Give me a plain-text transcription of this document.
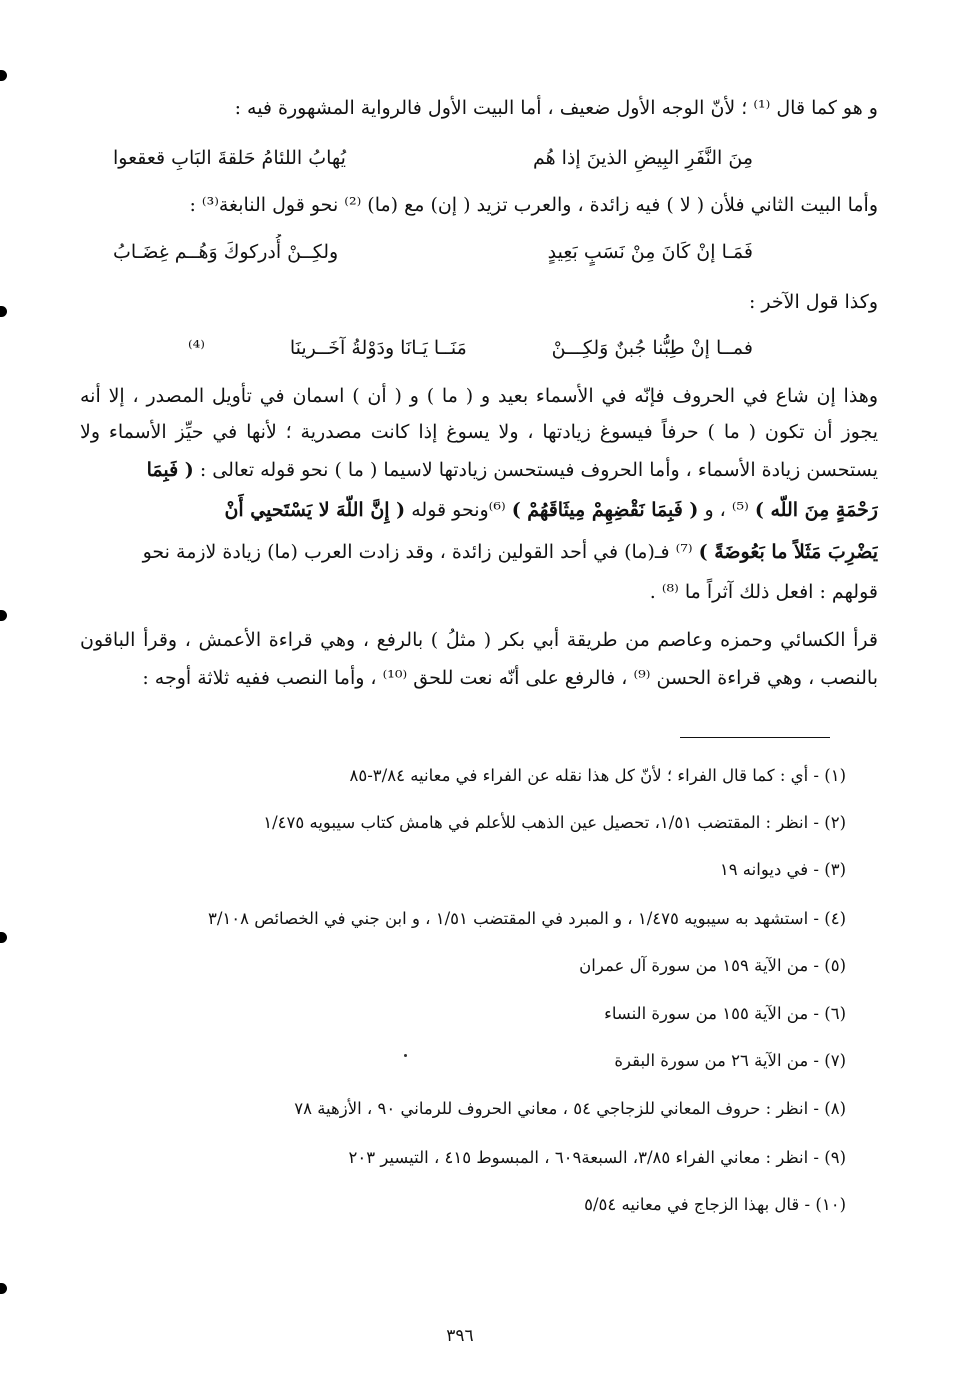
و هو كما قال ⁽¹⁾ ؛ لأنّ الوجه الأول ضعيف ، أما البيت الأول فالرواية المشهورة فيه :
مِنَ النَّفَرِ البِيضِ الذينَ إذا هُم
يُهابُ اللئامُ حَلقةَ البَابِ قعقعوا
وأما البيت الثاني فلأن ( لا ) فيه زائدة ، والعرب تزيد ( إن) مع (ما) ⁽²⁾ نحو قول النابغة⁽³⁾ :
فَمَـا إنْ كَانَ مِنْ نَسَبٍ بَعِيدٍ
ولكِــنْ أُدركوكَ وَهُــم غِضَـابُ
وكذا قول الآخر :
فمــا إنْ طِبُّنا جُبنٌ وَلكِـــنْ
مَنَــا يَـانَا ودَوْلةُ آخَــرينَا
⁽⁴⁾
وهذا إن شاع في الحروف فإنّه في الأسماء بعيد و ( ما ) و ( أن ) اسمان في تأويل المصدر ، إلا أنه
يجوز أن تكون ( ما ) حرفاً فيسوغ زيادتها ، ولا يسوغ إذا كانت مصدرية ؛ لأنها في حيِّز الأسماء ولا
يستحسن زيادة الأسماء ، وأما الحروف فيستحسن زيادتها لاسيما ( ما ) نحو قوله تعالى : ( فَبِمَا
رَحْمَةٍ مِنَ اللّه ) ⁽⁵⁾ ، و ( فَبِمَا نَقْضِهِمْ مِيثَاقَهُمْ ) ⁽⁶⁾ونحو قوله ( إِنَّ اللّهَ لا يَسْتَحيِي أَنْ
يَضْرِبَ مَثَلاً ما بَعُوضَةً ) ⁽⁷⁾ فـ(ما) في أحد القولين زائدة ، وقد زادت العرب (ما) زيادة لازمة نحو
قولهم : افعل ذلك آثراً ما ⁽⁸⁾ .
قرأ الكسائي وحمزه وعاصم من طريقة أبي بكر ( مثلُ ) بالرفع ، وهي قراءة الأعمش ، وقرأ الباقون
بالنصب ، وهي قراءة الحسن ⁽⁹⁾ ، فالرفع على أنّه نعت للحق ⁽¹⁰⁾ ، وأما النصب ففيه ثلاثة أوجه :
(١) - أي : كما قال الفراء ؛ لأنّ كل هذا نقله عن الفراء في معانيه ٣/٨٤-٨٥
(٢) - انظر : المقتضب ١/٥١، تحصيل عين الذهب للأعلم في هامش كتاب سيبويه ١/٤٧٥
(٣) - في ديوانه ١٩
(٤) - استشهد به سيبويه ١/٤٧٥ ، و المبرد في المقتضب ١/٥١ ، و ابن جني في الخصائص ٣/١٠٨
(٥) - من الآية ١٥٩ من سورة آل عمران
(٦) - من الآية ١٥٥ من سورة النساء
(٧) - من الآية ٢٦ من سورة البقرة
(٨) - انظر : حروف المعاني للزجاجي ٥٤ ، معاني الحروف للرماني ٩٠ ، الأزهية ٧٨
(٩) - انظر : معاني الفراء ٣/٨٥، السبعة٦٠٩ ، المبسوط ٤١٥ ، التيسير ٢٠٣
(١٠) - قال بهذا الزجاج في معانيه ٥/٥٤
٣٩٦
